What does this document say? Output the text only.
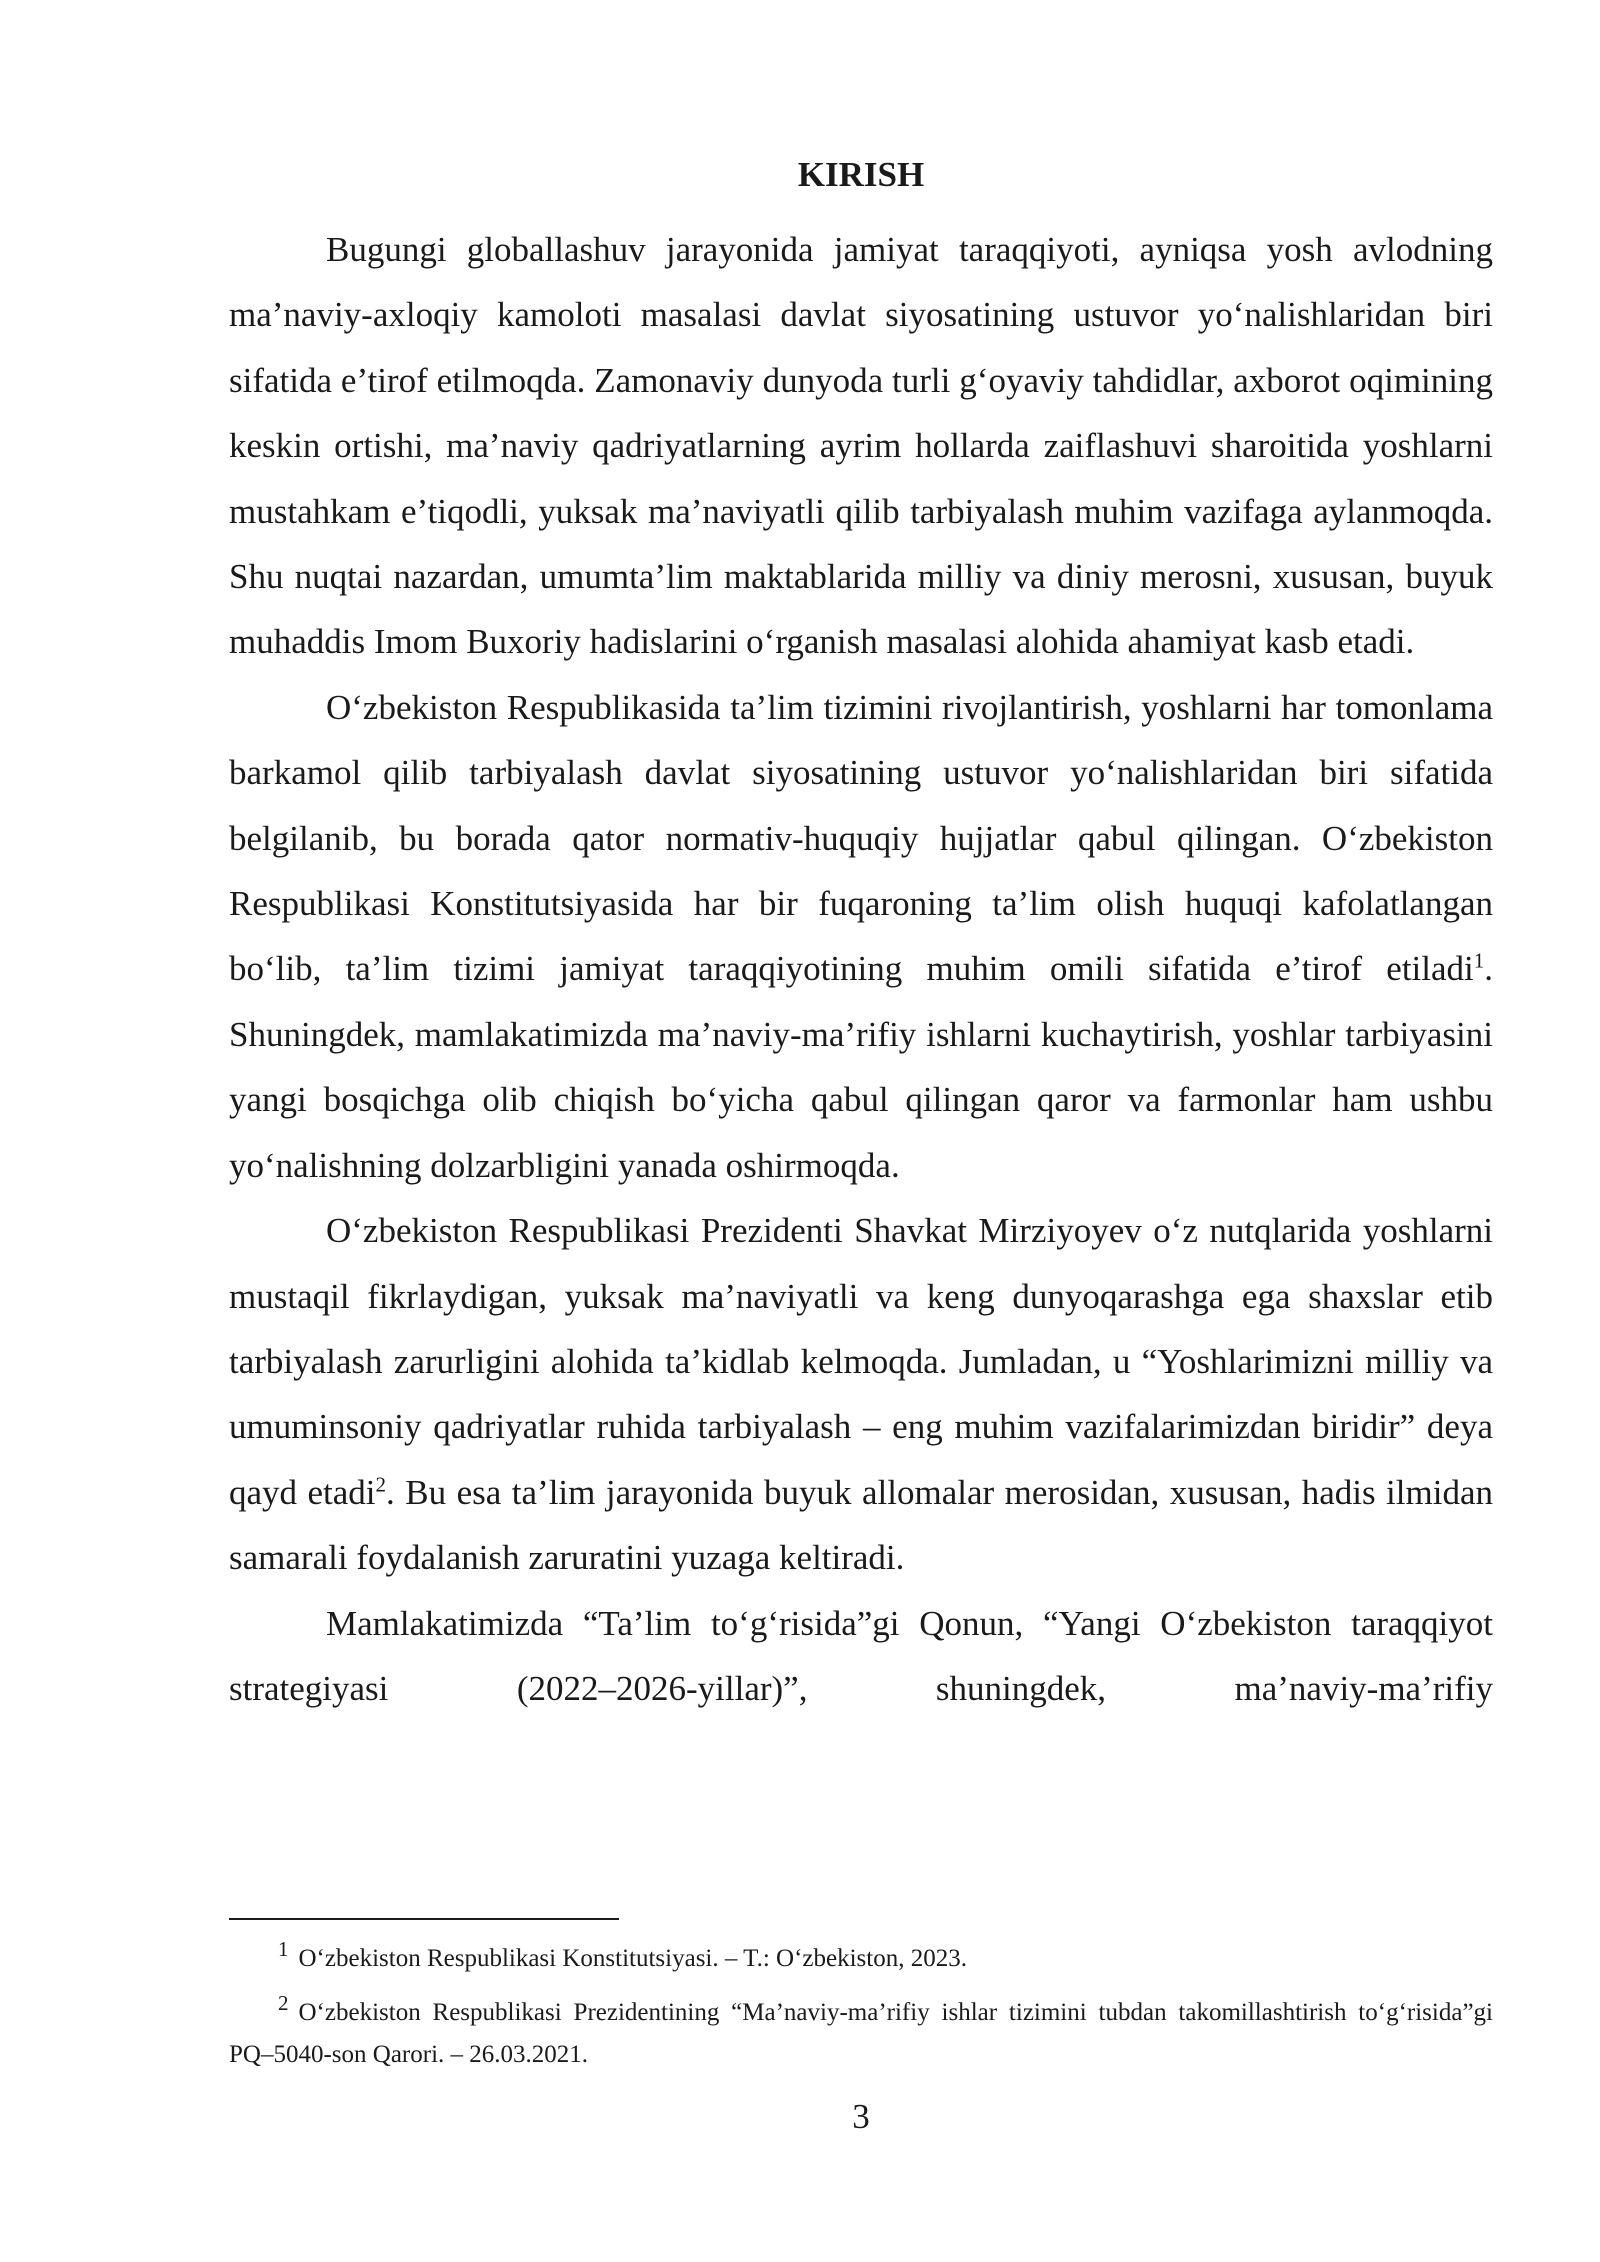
KIRISH

Bugungi globallashuv jarayonida jamiyat taraqqiyoti, ayniqsa yosh avlodning ma’naviy-axloqiy kamoloti masalasi davlat siyosatining ustuvor yo‘nalishlaridan biri sifatida e’tirof etilmoqda. Zamonaviy dunyoda turli g‘oyaviy tahdidlar, axborot oqimining keskin ortishi, ma’naviy qadriyatlarning ayrim hollarda zaiflashuvi sharoitida yoshlarni mustahkam e’tiqodli, yuksak ma’naviyatli qilib tarbiyalash muhim vazifaga aylanmoqda. Shu nuqtai nazardan, umumta’lim maktablarida milliy va diniy merosni, xususan, buyuk muhaddis Imom Buxoriy hadislarini o‘rganish masalasi alohida ahamiyat kasb etadi.

O‘zbekiston Respublikasida ta’lim tizimini rivojlantirish, yoshlarni har tomonlama barkamol qilib tarbiyalash davlat siyosatining ustuvor yo‘nalishlaridan biri sifatida belgilanib, bu borada qator normativ-huquqiy hujjatlar qabul qilingan. O‘zbekiston Respublikasi Konstitutsiyasida har bir fuqaroning ta’lim olish huquqi kafolatlangan bo‘lib, ta’lim tizimi jamiyat taraqqiyotining muhim omili sifatida e’tirof etiladi$^1$. Shuningdek, mamlakatimizda ma’naviy-ma’rifiy ishlarni kuchaytirish, yoshlar tarbiyasini yangi bosqichga olib chiqish bo‘yicha qabul qilingan qaror va farmonlar ham ushbu yo‘nalishning dolzarbligini yanada oshirmoqda.

O‘zbekiston Respublikasi Prezidenti Shavkat Mirziyoyev o‘z nutqlarida yoshlarni mustaqil fikrlaydigan, yuksak ma’naviyatli va keng dunyoqarashga ega shaxslar etib tarbiyalash zarurligini alohida ta’kidlab kelmoqda. Jumladan, u “Yoshlarimizni milliy va umuminsoniy qadriyatlar ruhida tarbiyalash – eng muhim vazifalarimizdan biridir” deya qayd etadi$^2$. Bu esa ta’lim jarayonida buyuk allomalar merosidan, xususan, hadis ilmidan samarali foydalanish zaruratini yuzaga keltiradi.

Mamlakatimizda “Ta’lim to‘g‘risida”gi Qonun, “Yangi O‘zbekiston taraqqiyot strategiyasi (2022–2026-yillar)”, shuningdek, ma’naviy-ma’rifiy

$^1$ O‘zbekiston Respublikasi Konstitutsiyasi. – T.: O‘zbekiston, 2023.

$^2$ O‘zbekiston Respublikasi Prezidentining “Ma’naviy-ma’rifiy ishlar tizimini tubdan takomillashtirish to‘g‘risida”gi PQ–5040-son Qarori. – 26.03.2021.

3
